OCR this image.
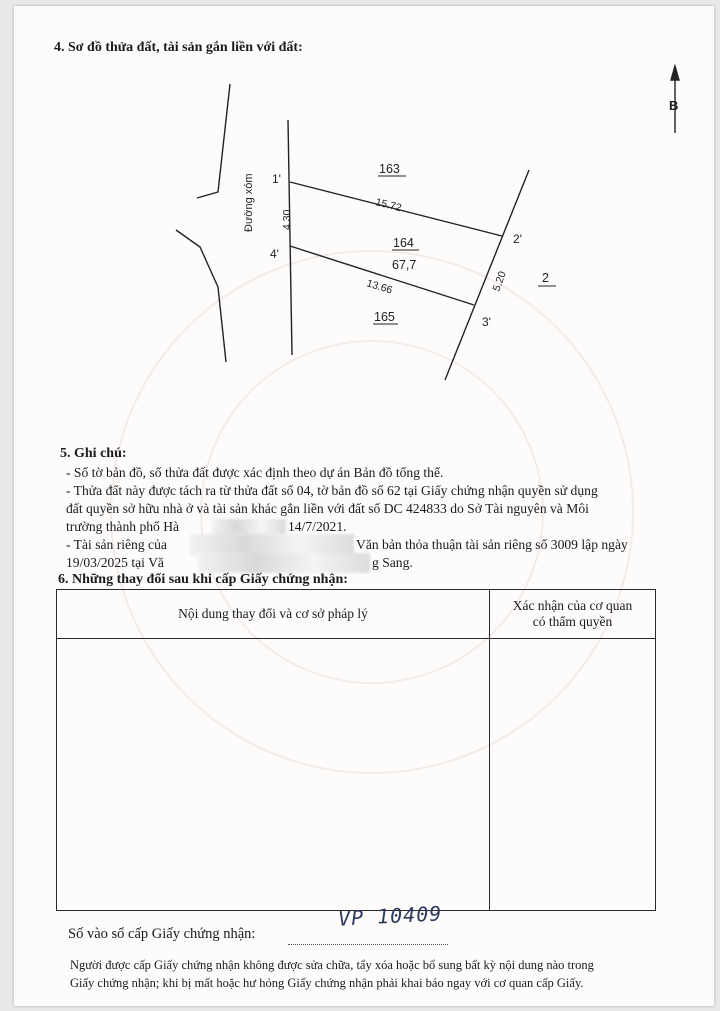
4. Sơ đồ thửa đất, tài sản gắn liền với đất:
B
Đường xóm 1'
4'
2'
3'
4.30
15.72
13.66	5.20
163
164
67,7
165
2
5. Ghi chú:
- Số tờ bản đồ, số thửa đất được xác định theo dự án Bản đồ tổng thể.
- Thửa đất này được tách ra từ thửa đất số 04, tờ bản đồ số 62 tại Giấy chứng nhận quyền sử dụng
đất quyền sở hữu nhà ở và tài sản khác gắn liền với đất số DC 424833 do Sở Tài nguyên và Môi
trường thành phố Hà	14/7/2021.
- Tài sản riêng của	Văn bản thỏa thuận tài sản riêng số 3009 lập ngày
19/03/2025 tại Vă	g Sang.
6. Những thay đổi sau khi cấp Giấy chứng nhận:
Nội dung thay đổi và cơ sở pháp lý	Xác nhận của cơ quan
có thẩm quyền

Số vào sổ cấp Giấy chứng nhận:
VP 10409
Người được cấp Giấy chứng nhận không được sửa chữa, tẩy xóa hoặc bổ sung bất kỳ nội dung nào trong
Giấy chứng nhận; khi bị mất hoặc hư hỏng Giấy chứng nhận phải khai báo ngay với cơ quan cấp Giấy.
